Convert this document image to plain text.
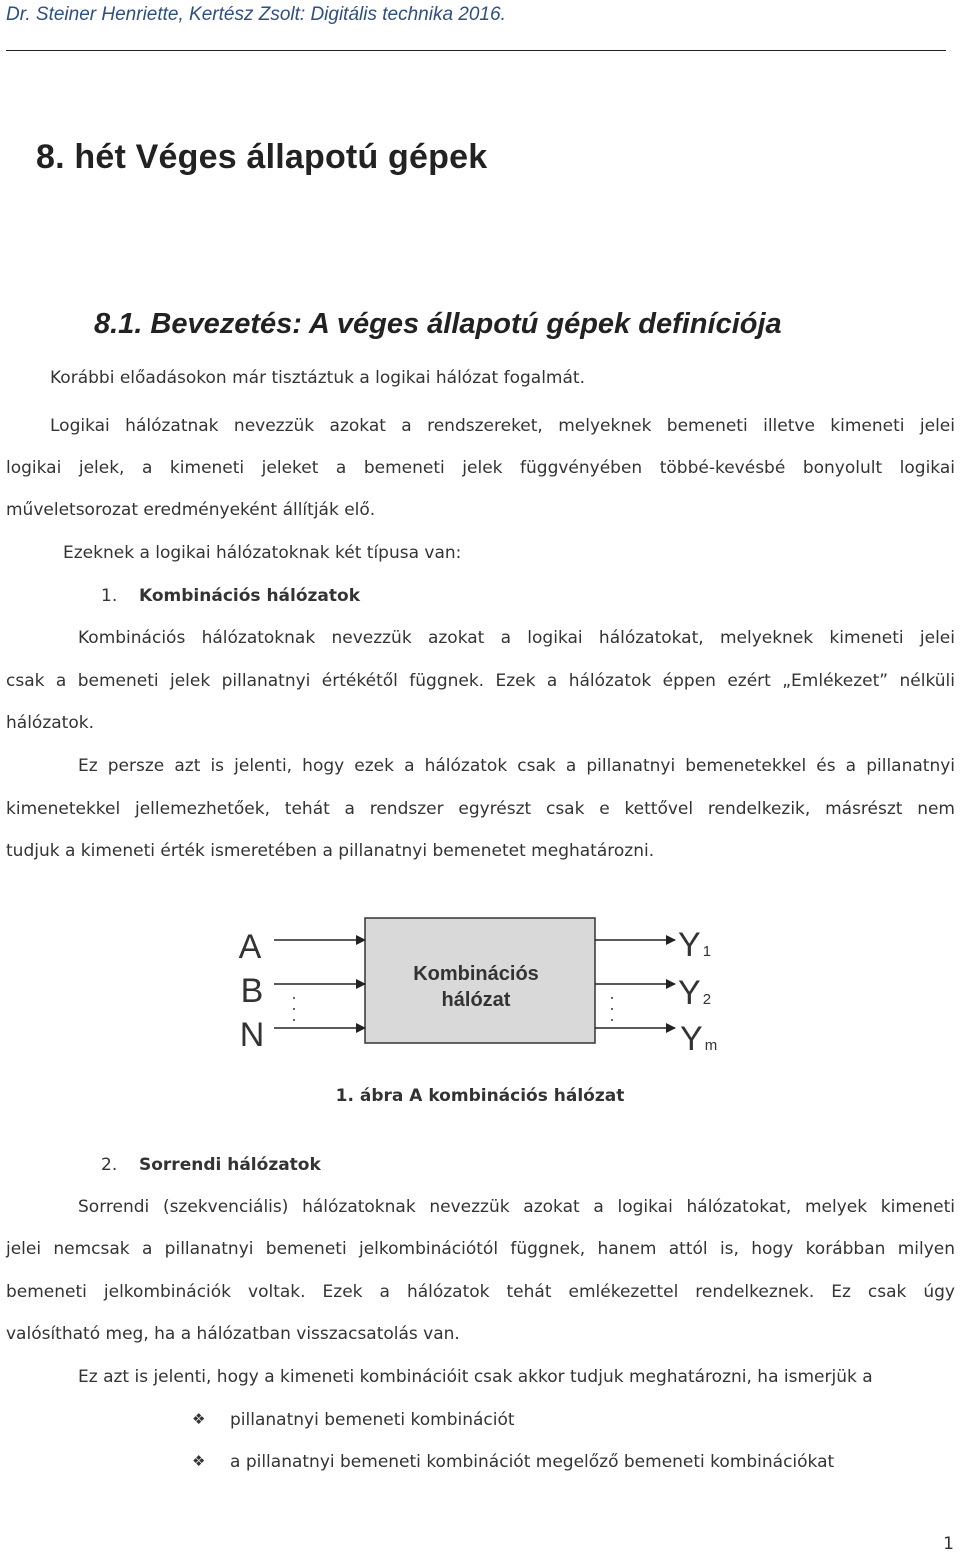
Dr. Steiner Henriette, Kertész Zsolt: Digitális technika 2016.
8. hét Véges állapotú gépek
8.1. Bevezetés: A véges állapotú gépek definíciója

Korábbi előadásokon már tisztáztuk a logikai hálózat fogalmát.

Logikai hálózatnak nevezzük azokat a rendszereket, melyeknek bemeneti illetve kimeneti jelei

logikai jelek, a kimeneti jeleket a bemeneti jelek függvényében többé-kevésbé bonyolult logikai

műveletsorozat eredményeként állítják elő.

Ezeknek a logikai hálózatoknak két típusa van:

1. Kombinációs hálózatok

Kombinációs hálózatoknak nevezzük azokat a logikai hálózatokat, melyeknek kimeneti jelei

csak a bemeneti jelek pillanatnyi értékétől függnek. Ezek a hálózatok éppen ezért „Emlékezet” nélküli

hálózatok.

Ez persze azt is jelenti, hogy ezek a hálózatok csak a pillanatnyi bemenetekkel és a pillanatnyi

kimenetekkel jellemezhetőek, tehát a rendszer egyrészt csak e kettővel rendelkezik, másrészt nem

tudjuk a kimeneti érték ismeretében a pillanatnyi bemenetet meghatározni.

Kombinációs
hálózat
A
B
N
Y 1
Y 2
Ym
1. ábra A kombinációs hálózat

2. Sorrendi hálózatok

Sorrendi (szekvenciális) hálózatoknak nevezzük azokat a logikai hálózatokat, melyek kimeneti

jelei nemcsak a pillanatnyi bemeneti jelkombinációtól függnek, hanem attól is, hogy korábban milyen

bemeneti jelkombinációk voltak. Ezek a hálózatok tehát emlékezettel rendelkeznek. Ez csak úgy

valósítható meg, ha a hálózatban visszacsatolás van.

Ez azt is jelenti, hogy a kimeneti kombinációit csak akkor tudjuk meghatározni, ha ismerjük a

❖ pillanatnyi bemeneti kombinációt
❖ a pillanatnyi bemeneti kombinációt megelőző bemeneti kombinációkat
1
